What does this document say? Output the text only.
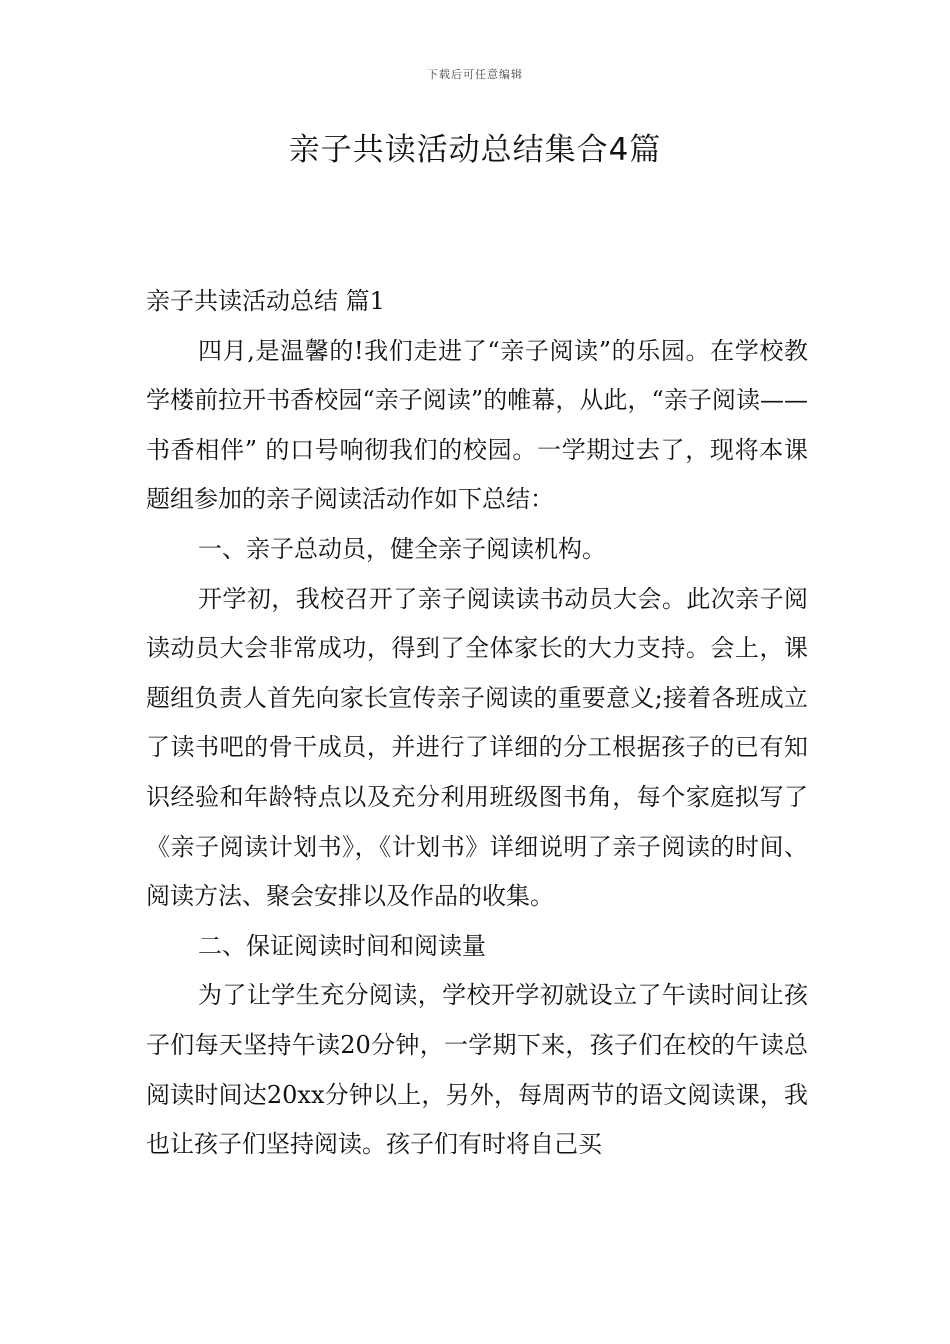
下载后可任意编辑
亲子共读活动总结集合4篇

亲子共读活动总结 篇1

四月,是温馨的!我们走进了“亲子阅读”的乐园。在学校教学楼前拉开书香校园“亲子阅读”的帷幕，从此，“亲子阅读——书香相伴” 的口号响彻我们的校园。一学期过去了，现将本课题组参加的亲子阅读活动作如下总结：

一、亲子总动员，健全亲子阅读机构。

开学初，我校召开了亲子阅读读书动员大会。此次亲子阅读动员大会非常成功，得到了全体家长的大力支持。会上，课题组负责人首先向家长宣传亲子阅读的重要意义;接着各班成立了读书吧的骨干成员，并进行了详细的分工根据孩子的已有知识经验和年龄特点以及充分利用班级图书角，每个家庭拟写了《亲子阅读计划书》，《计划书》详细说明了亲子阅读的时间、阅读方法、聚会安排以及作品的收集。

二、保证阅读时间和阅读量

为了让学生充分阅读，学校开学初就设立了午读时间让孩子们每天坚持午读20分钟，一学期下来，孩子们在校的午读总阅读时间达20xx分钟以上，另外，每周两节的语文阅读课，我也让孩子们坚持阅读。孩子们有时将自己买
